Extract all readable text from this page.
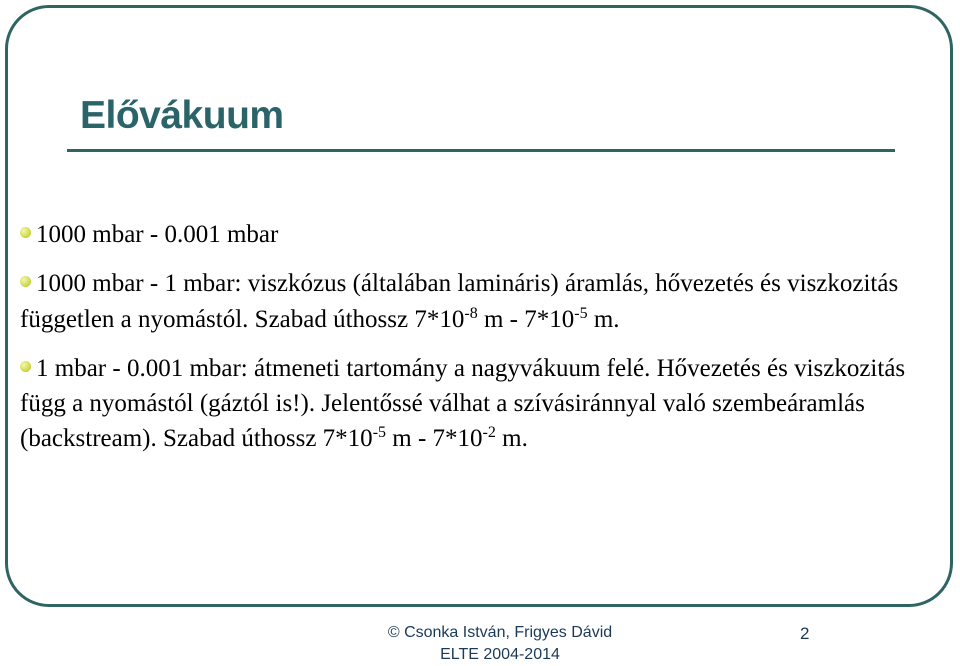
Elővákuum
1000 mbar - 0.001 mbar
1000 mbar - 1 mbar: viszkózus (általában lamináris) áramlás, hővezetés és viszkozitás független a nyomástól. Szabad úthossz $7*10^{-8}$ m - $7*10^{-5}$ m.
1 mbar - 0.001 mbar: átmeneti tartomány a nagyvákuum felé. Hővezetés és viszkozitás függ a nyomástól (gáztól is!). Jelentőssé válhat a szívásiránnyal való szembeáramlás (backstream). Szabad úthossz $7*10^{-5}$ m - $7*10^{-2}$ m.
© Csonka István, Frigyes Dávid
ELTE 2004-2014
2
